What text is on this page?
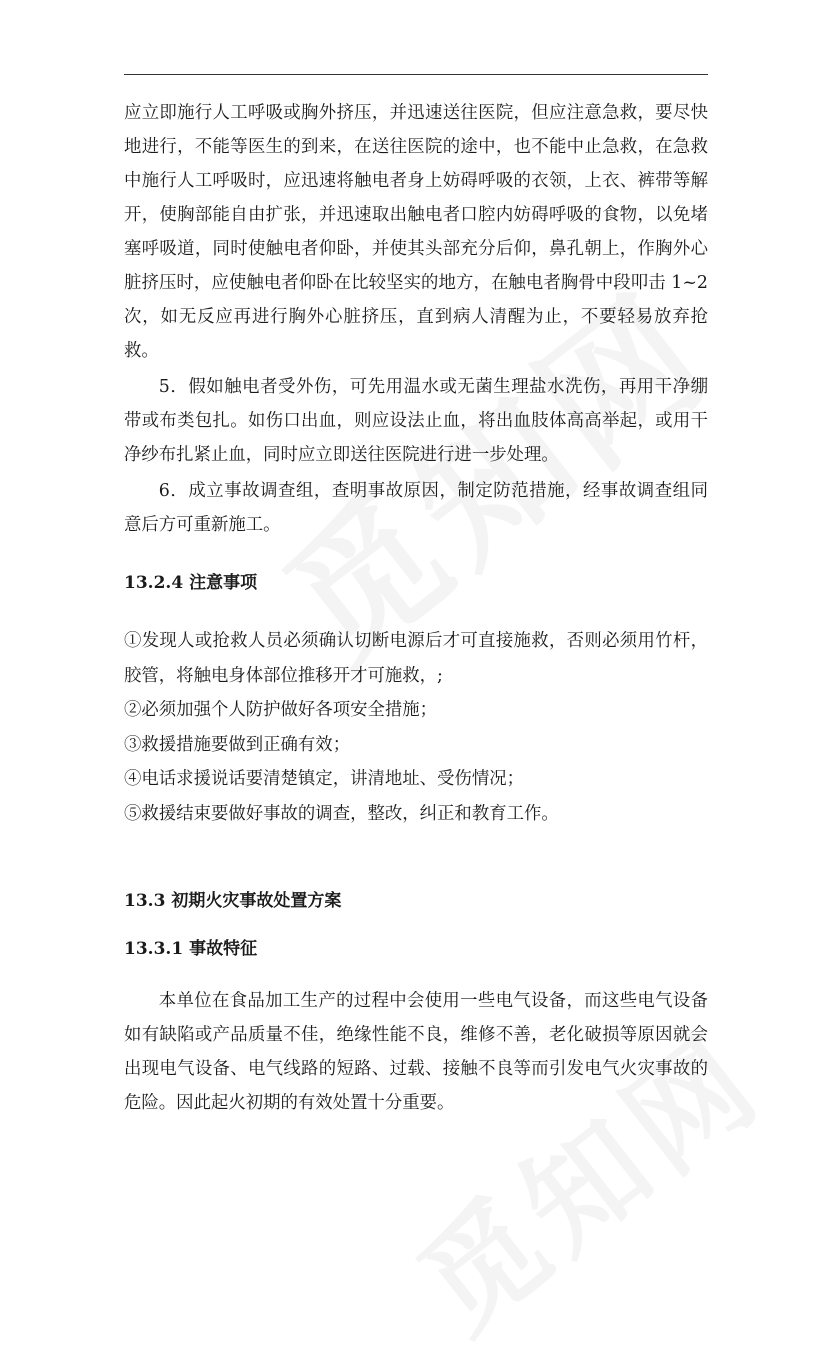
应立即施行人工呼吸或胸外挤压，并迅速送往医院，但应注意急救，要尽快地进行，不能等医生的到来，在送往医院的途中，也不能中止急救，在急救中施行人工呼吸时，应迅速将触电者身上妨碍呼吸的衣领，上衣、裤带等解开，使胸部能自由扩张，并迅速取出触电者口腔内妨碍呼吸的食物，以免堵塞呼吸道，同时使触电者仰卧，并使其头部充分后仰，鼻孔朝上，作胸外心脏挤压时，应使触电者仰卧在比较坚实的地方，在触电者胸骨中段叩击 1~2 次，如无反应再进行胸外心脏挤压，直到病人清醒为止，不要轻易放弃抢救。

5．假如触电者受外伤，可先用温水或无菌生理盐水洗伤，再用干净绷带或布类包扎。如伤口出血，则应设法止血，将出血肢体高高举起，或用干净纱布扎紧止血，同时应立即送往医院进行进一步处理。

6．成立事故调查组，查明事故原因，制定防范措施，经事故调查组同意后方可重新施工。

13.2.4 注意事项

①发现人或抢救人员必须确认切断电源后才可直接施救，否则必须用竹杆，胶管，将触电身体部位推移开才可施救，;

②必须加强个人防护做好各项安全措施；

③救援措施要做到正确有效；

④电话求援说话要清楚镇定，讲清地址、受伤情况；

⑤救援结束要做好事故的调查，整改，纠正和教育工作。

13.3 初期火灾事故处置方案
13.3.1 事故特征

本单位在食品加工生产的过程中会使用一些电气设备，而这些电气设备如有缺陷或产品质量不佳，绝缘性能不良，维修不善，老化破损等原因就会出现电气设备、电气线路的短路、过载、接触不良等而引发电气火灾事故的危险。因此起火初期的有效处置十分重要。
